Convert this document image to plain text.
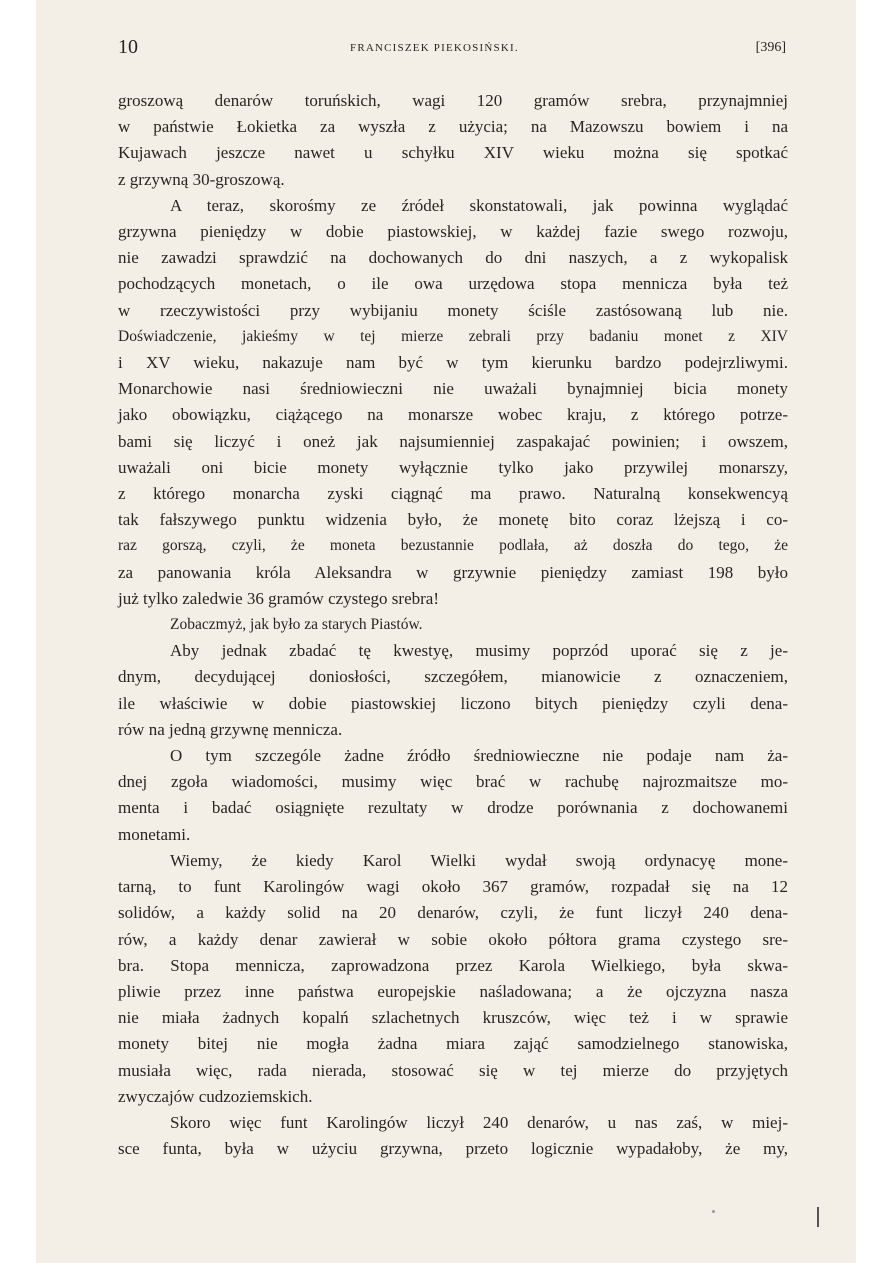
10	FRANCISZEK PIEKOSIŃSKI.	[396]
groszową denarów toruńskich, wagi 120 gramów srebra, przynajmniej
w państwie Łokietka za wyszła z użycia; na Mazowszu bowiem i na
Kujawach jeszcze nawet u schyłku XIV wieku można się spotkać
z grzywną 30-groszową.
A teraz, skorośmy ze źródeł skonstatowali, jak powinna wyglądać
grzywna pieniędzy w dobie piastowskiej, w każdej fazie swego rozwoju,
nie zawadzi sprawdzić na dochowanych do dni naszych, a z wykopalisk
pochodzących monetach, o ile owa urzędowa stopa mennicza była też
w rzeczywistości przy wybijaniu monety ściśle zastósowaną lub nie.
Doświadczenie, jakieśmy w tej mierze zebrali przy badaniu monet z XIV
i XV wieku, nakazuje nam być w tym kierunku bardzo podejrzliwymi.
Monarchowie nasi średniowieczni nie uważali bynajmniej bicia monety
jako obowiązku, ciążącego na monarsze wobec kraju, z którego potrze-
bami się liczyć i oneż jak najsumienniej zaspakajać powinien; i owszem,
uważali oni bicie monety wyłącznie tylko jako przywilej monarszy,
z którego monarcha zyski ciągnąć ma prawo. Naturalną konsekwencyą
tak fałszywego punktu widzenia było, że monetę bito coraz lżejszą i co-
raz gorszą, czyli, że moneta bezustannie podlała, aż doszła do tego, że
za panowania króla Aleksandra w grzywnie pieniędzy zamiast 198 było
już tylko zaledwie 36 gramów czystego srebra!
Zobaczmyż, jak było za starych Piastów.
Aby jednak zbadać tę kwestyę, musimy poprzód uporać się z je-
dnym, decydującej doniosłości, szczegółem, mianowicie z oznaczeniem,
ile właściwie w dobie piastowskiej liczono bitych pieniędzy czyli dena-
rów na jedną grzywnę mennicza.
O tym szczególe żadne źródło średniowieczne nie podaje nam ża-
dnej zgoła wiadomości, musimy więc brać w rachubę najrozmaitsze mo-
menta i badać osiągnięte rezultaty w drodze porównania z dochowanemi
monetami.
Wiemy, że kiedy Karol Wielki wydał swoją ordynacyę mone-
tarną, to funt Karolingów wagi około 367 gramów, rozpadał się na 12
solidów, a każdy solid na 20 denarów, czyli, że funt liczył 240 dena-
rów, a każdy denar zawierał w sobie około półtora grama czystego sre-
bra. Stopa mennicza, zaprowadzona przez Karola Wielkiego, była skwa-
pliwie przez inne państwa europejskie naśladowana; a że ojczyzna nasza
nie miała żadnych kopalń szlachetnych kruszców, więc też i w sprawie
monety bitej nie mogła żadna miara zająć samodzielnego stanowiska,
musiała więc, rada nierada, stosować się w tej mierze do przyjętych
zwyczajów cudzoziemskich.
Skoro więc funt Karolingów liczył 240 denarów, u nas zaś, w miej-
sce funta, była w użyciu grzywna, przeto logicznie wypadałoby, że my,
